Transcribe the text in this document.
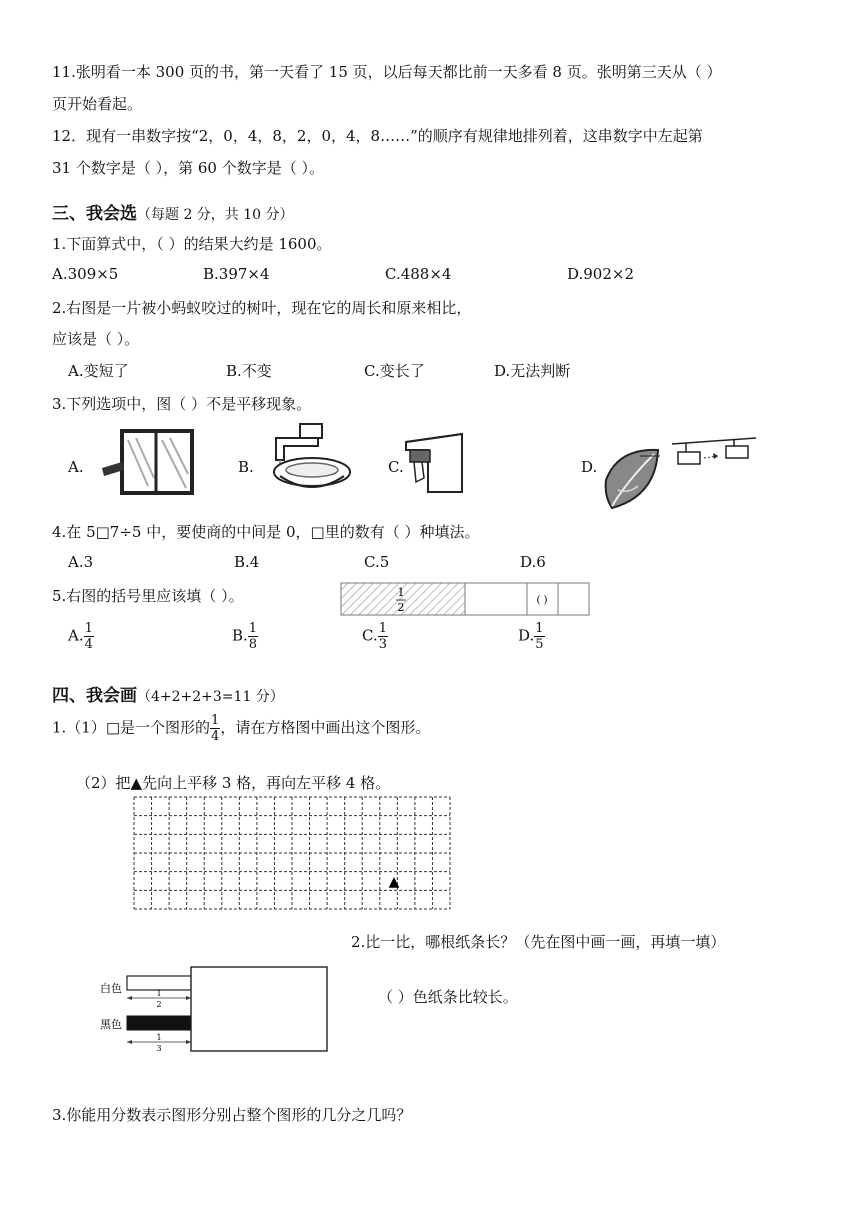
11.张明看一本 300 页的书，第一天看了 15 页，以后每天都比前一天多看 8 页。张明第三天从（ ）
页开始看起。
12．现有一串数字按“2，0，4，8，2，0，4，8……”的顺序有规律地排列着，这串数字中左起第
31 个数字是（ ），第 60 个数字是（ ）。
三、我会选（每题 2 分，共 10 分）
1.下面算式中，（ ）的结果大约是 1600。
A.309×5	B.397×4	C.488×4	D.902×2
2.右图是一片被小蚂蚁咬过的树叶，现在它的周长和原来相比，
应该是（ ）。
A.变短了	B.不变	C.变长了	D.无法判断
3.下列选项中，图（ ）不是平移现象。
A.	B.	C.	D.
4.在 5□7÷5 中，要使商的中间是 0，□里的数有（ ）种填法。
A.3	B.4	C.5	D.6
5.右图的括号里应该填（ ）。	1
2
( )
A. $\frac{1}{4}$	B. $\frac{1}{8}$	C. $\frac{1}{3}$	D. $\frac{1}{5}$
四、我会画（4+2+2+3=11 分）
1.（1）□是一个图形的 $\frac{1}{4}$ ，请在方格图中画出这个图形。
（2）把▲先向上平移 3 格，再向左平移 4 格。
▲
2.比一比，哪根纸条长？（先在图中画一画，再填一填）
（ ）色纸条比较长。
白色	1
2
黑色
1
3
3.你能用分数表示图形分别占整个图形的几分之几吗？
